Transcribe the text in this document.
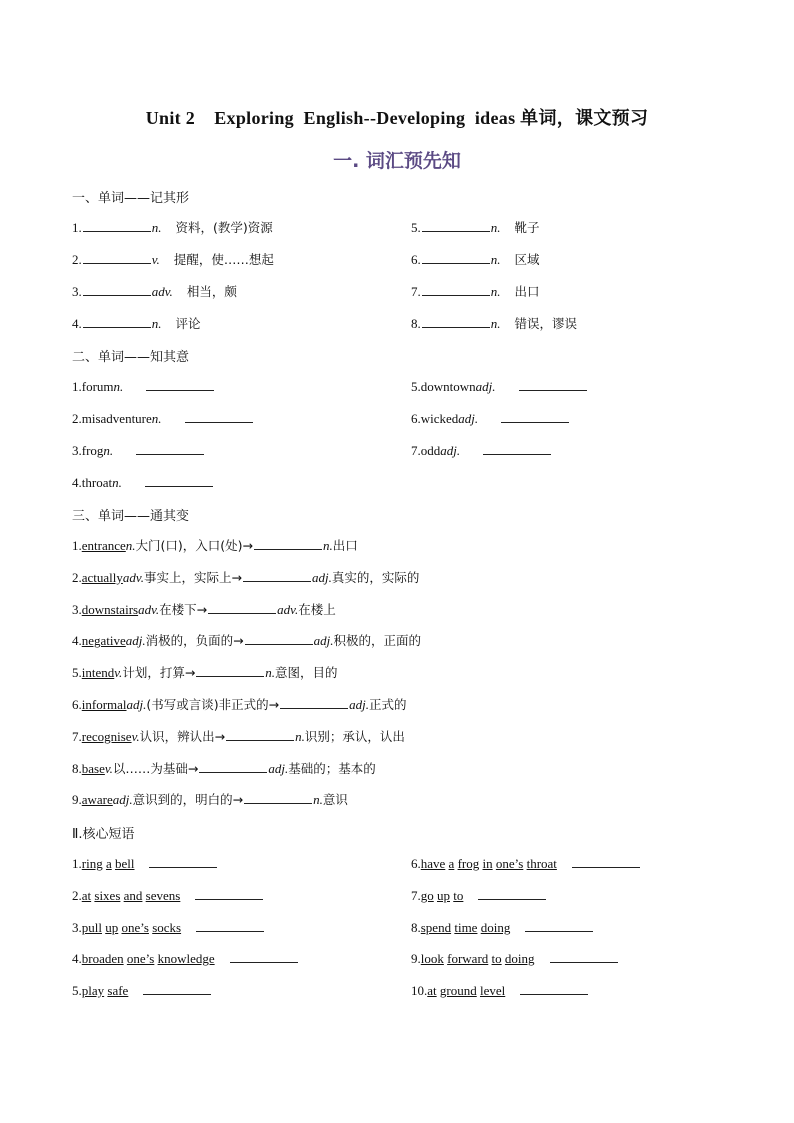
Unit 2    Exploring  English--Developing  ideas 单词，课文预习
一. 词汇预先知
一、单词——记其形
1.	n. 资料，(教学)资源
2.	v. 提醒，使……想起
3.	adv. 相当，颇
4.	n. 评论
5.	n. 靴子
6.	n. 区域
7.	n. 出口
8.	n. 错误，谬误
二、单词——知其意
1.forumn.
2.misadventuren.
3.frogn.
4.throatn.
5.downtownadj.
6.wickedadj.
7.oddadj.
三、单词——通其变
1.entrancen.大门(口)，入口(处)→	n.出口
2.actuallyadv.事实上，实际上→	adj.真实的，实际的
3.downstairsadv.在楼下→	adv.在楼上
4.negativeadj.消极的，负面的→	adj.积极的，正面的
5.intendv.计划，打算→	n.意图，目的
6.informaladj.(书写或言谈)非正式的→	adj.正式的
7.recognisev.认识，辨认出→	n.识别；承认，认出
8.basev.以……为基础→	adj.基础的；基本的
9.awareadj.意识到的，明白的→	n.意识
Ⅱ.核心短语
1.ring a bell
2.at sixes and sevens
3.pull up one’s socks
4.broaden one’s knowledge
5.play safe
6.have a frog in one’s throat
7.go up to
8.spend time doing
9.look forward to doing
10.at ground level
